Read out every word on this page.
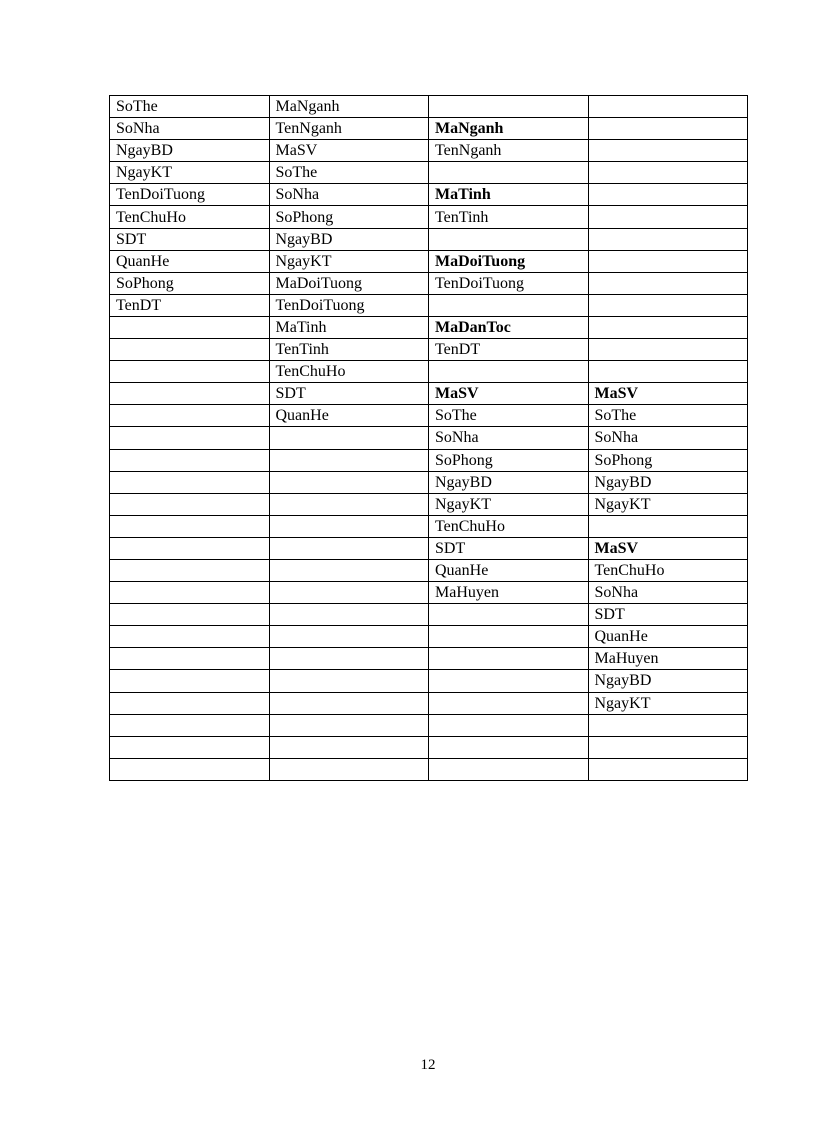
SoThe	MaNganh		
SoNha	TenNganh	MaNganh	
NgayBD	MaSV	TenNganh	
NgayKT	SoThe		
TenDoiTuong	SoNha	MaTinh	
TenChuHo	SoPhong	TenTinh	
SDT	NgayBD		
QuanHe	NgayKT	MaDoiTuong	
SoPhong	MaDoiTuong	TenDoiTuong	
TenDT	TenDoiTuong		
	MaTinh	MaDanToc	
	TenTinh	TenDT	
	TenChuHo		
	SDT	MaSV	MaSV
	QuanHe	SoThe	SoThe
		SoNha	SoNha
		SoPhong	SoPhong
		NgayBD	NgayBD
		NgayKT	NgayKT
		TenChuHo	
		SDT	MaSV
		QuanHe	TenChuHo
		MaHuyen	SoNha
			SDT
			QuanHe
			MaHuyen
			NgayBD
			NgayKT

12
